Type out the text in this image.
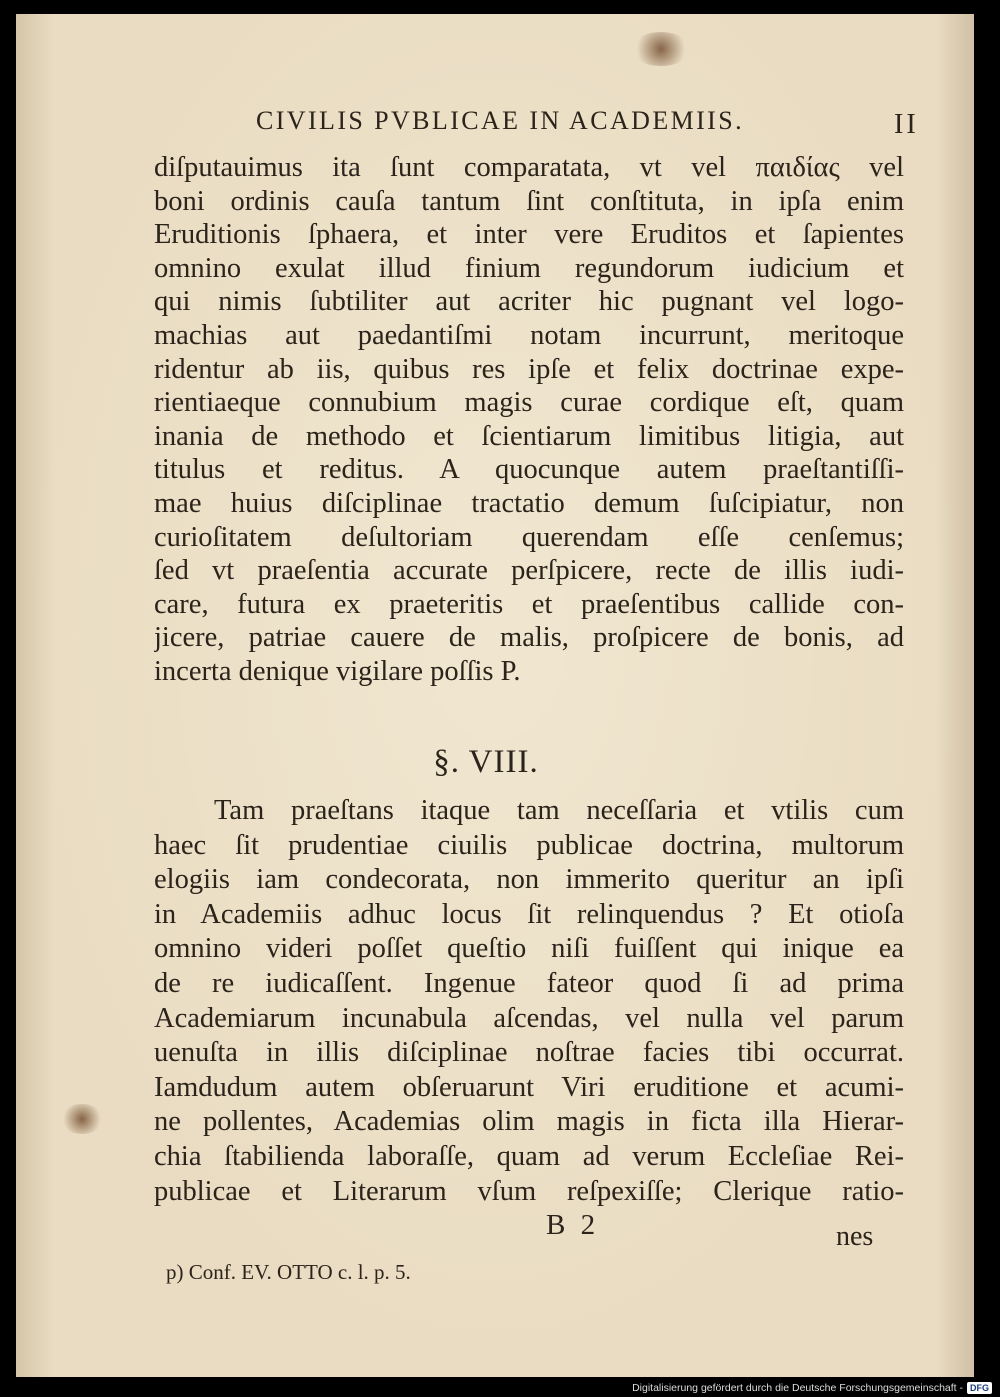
CIVILIS PVBLICAE IN ACADEMIIS.	II
diſputauimus ita ſunt comparatata, vt vel παιδίας vel
boni ordinis cauſa tantum ſint conſtituta, in ipſa enim
Eruditionis ſphaera, et inter vere Eruditos et ſapientes
omnino exulat illud finium regundorum iudicium et
qui nimis ſubtiliter aut acriter hic pugnant vel logo-
machias aut paedantiſmi notam incurrunt, meritoque
ridentur ab iis, quibus res ipſe et felix doctrinae expe-
rientiaeque connubium magis curae cordique eſt, quam
inania de methodo et ſcientiarum limitibus litigia, aut
titulus et reditus. A quocunque autem praeſtantiſſi-
mae huius diſciplinae tractatio demum ſuſcipiatur, non
curioſitatem deſultoriam querendam eſſe cenſemus;
ſed vt praeſentia accurate perſpicere, recte de illis iudi-
care, futura ex praeteritis et praeſentibus callide con-
jicere, patriae cauere de malis, proſpicere de bonis, ad
incerta denique vigilare poſſis P.
§. VIII.
Tam praeſtans itaque tam neceſſaria et vtilis cum
haec ſit prudentiae ciuilis publicae doctrina, multorum
elogiis iam condecorata, non immerito queritur an ipſi
in Academiis adhuc locus ſit relinquendus ? Et otioſa
omnino videri poſſet queſtio niſi fuiſſent qui inique ea
de re iudicaſſent. Ingenue fateor quod ſi ad prima
Academiarum incunabula aſcendas, vel nulla vel parum
uenuſta in illis diſciplinae noſtrae facies tibi occurrat.
Iamdudum autem obſeruarunt Viri eruditione et acumi-
ne pollentes, Academias olim magis in ficta illa Hierar-
chia ſtabilienda laboraſſe, quam ad verum Eccleſiae Rei-
publicae et Literarum vſum reſpexiſſe; Clerique ratio-
B 2	nes
p) Conf. EV. OTTO c. l. p. 5.
Digitalisierung gefördert durch die Deutsche Forschungsgemeinschaft - DFG
